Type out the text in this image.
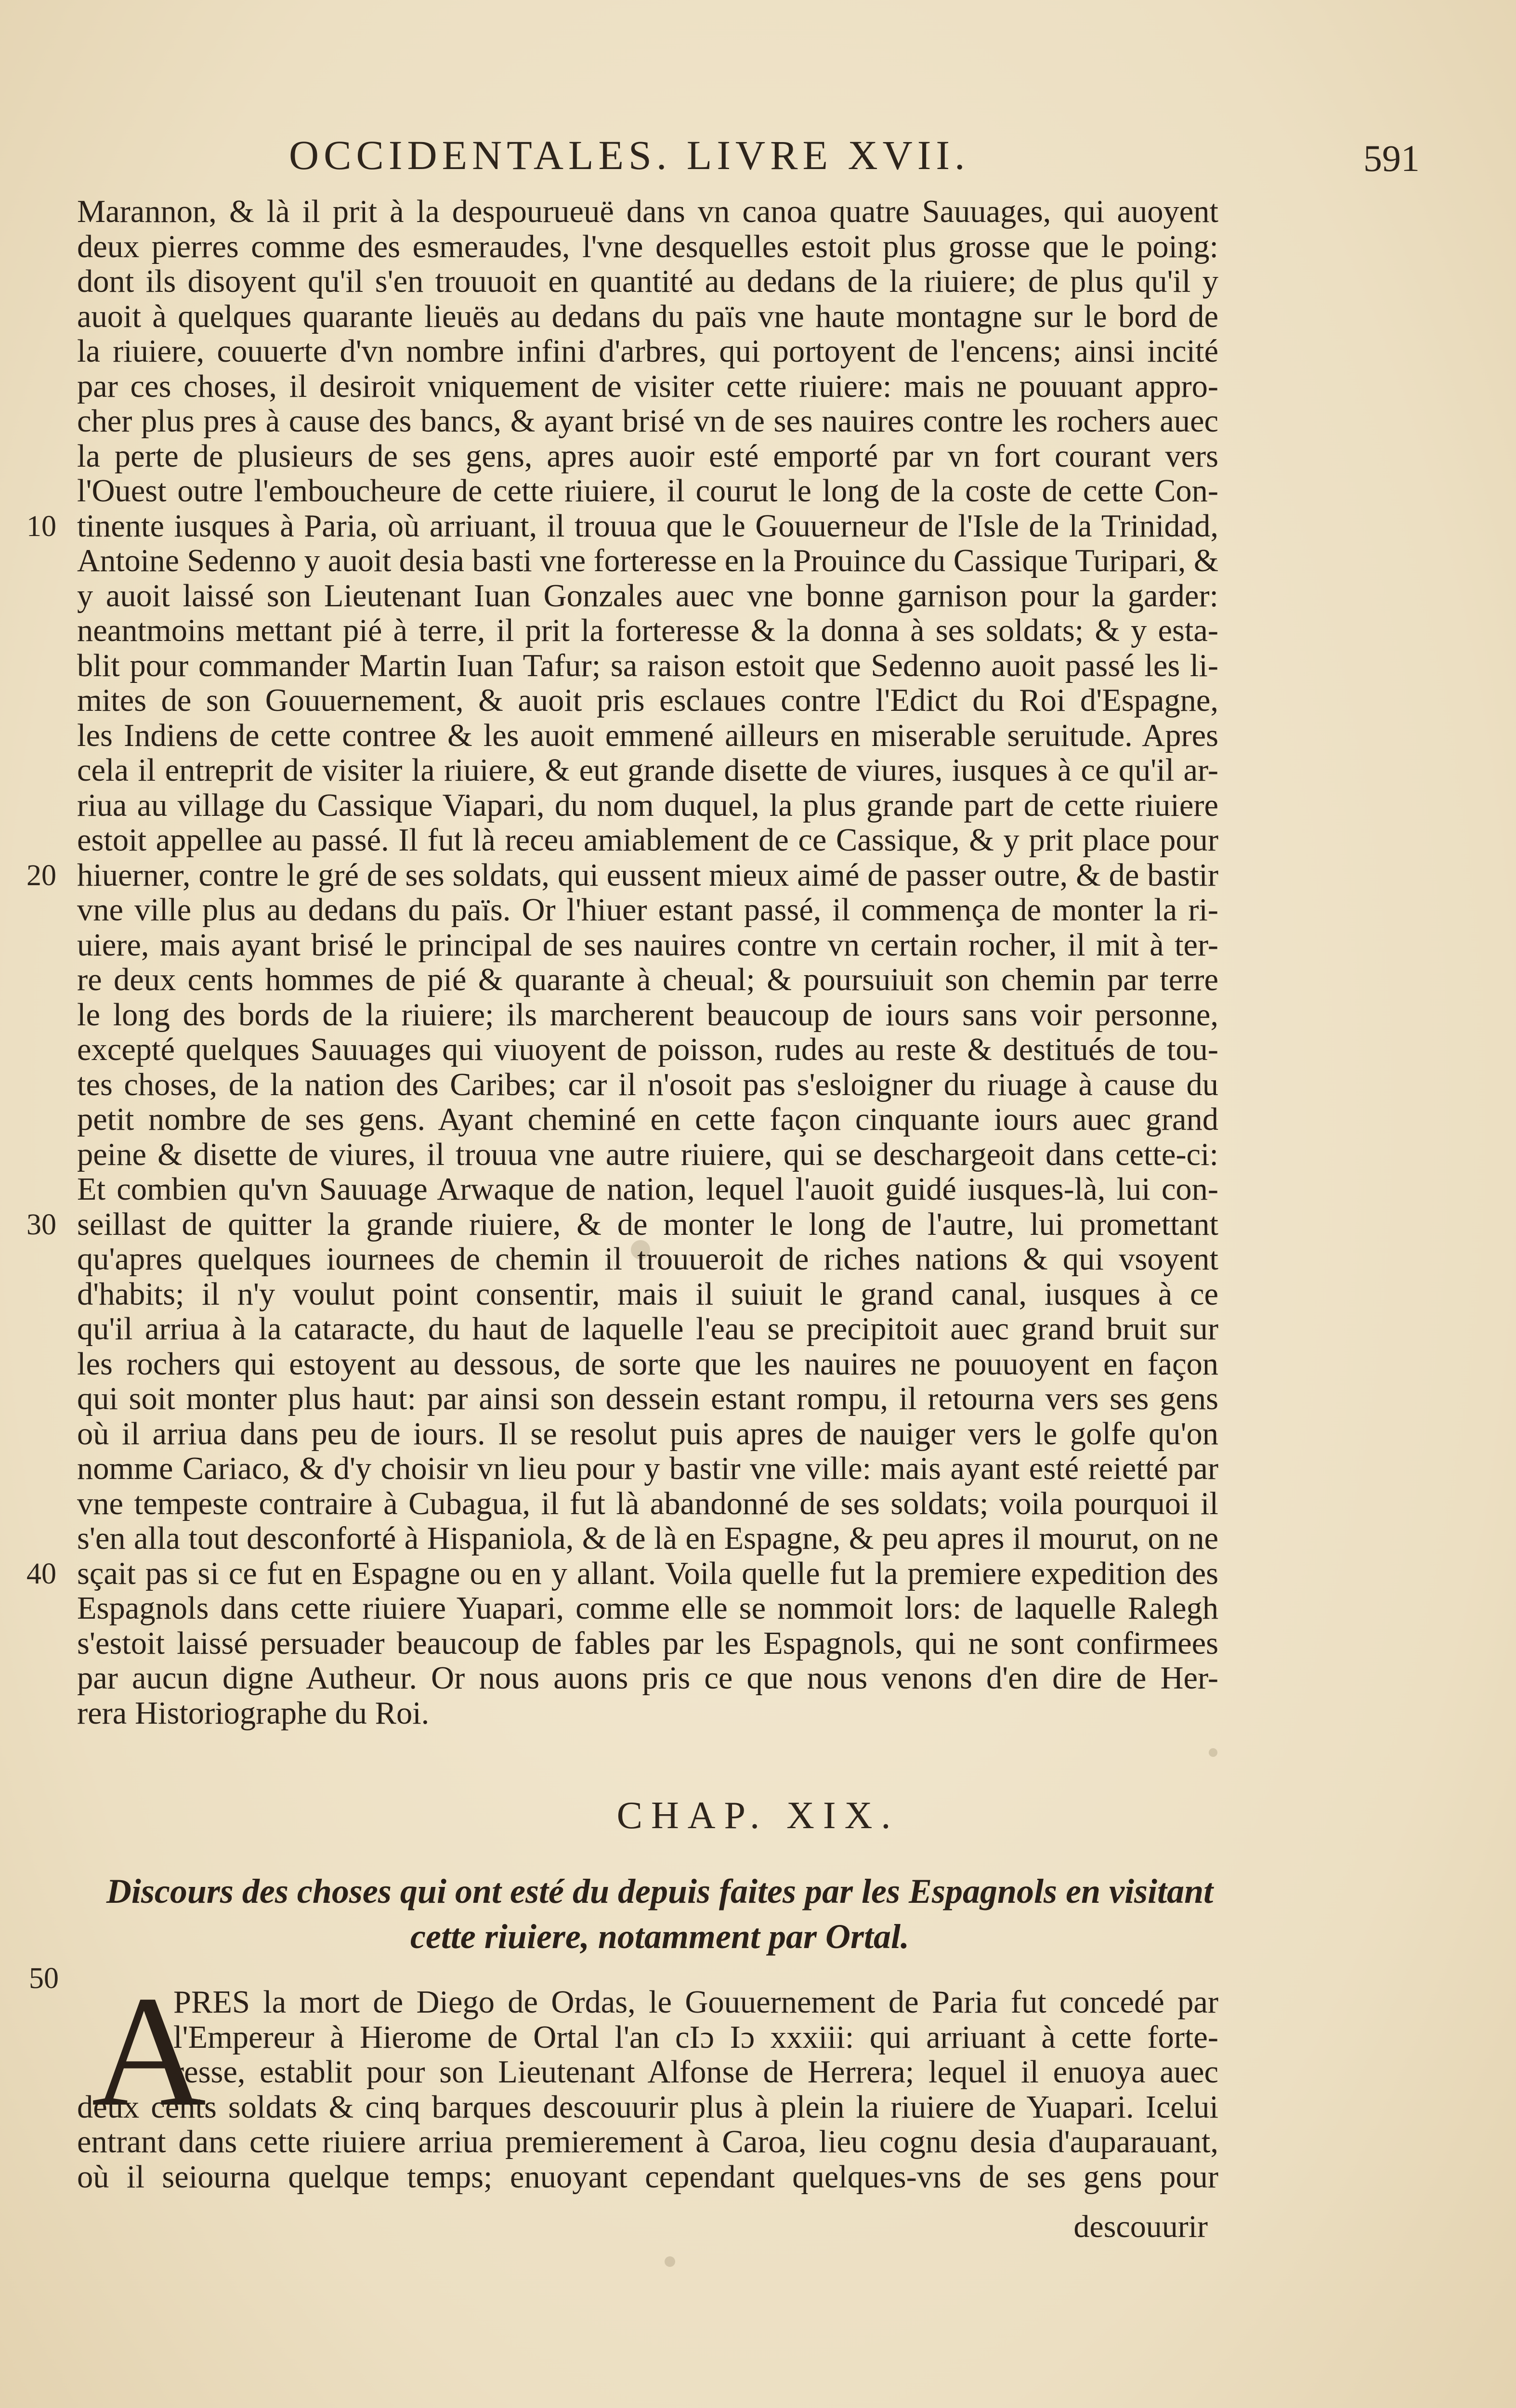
OCCIDENTALES. LIVRE XVII.	591
Marannon, & là il prit à la despourueuë dans vn canoa quatre Sauuages, qui auoyent
deux pierres comme des esmeraudes, l'vne desquelles estoit plus grosse que le poing:
dont ils disoyent qu'il s'en trouuoit en quantité au dedans de la riuiere; de plus qu'il y
auoit à quelques quarante lieuës au dedans du païs vne haute montagne sur le bord de
la riuiere, couuerte d'vn nombre infini d'arbres, qui portoyent de l'encens; ainsi incité
par ces choses, il desiroit vniquement de visiter cette riuiere: mais ne pouuant appro-
cher plus pres à cause des bancs, & ayant brisé vn de ses nauires contre les rochers auec
la perte de plusieurs de ses gens, apres auoir esté emporté par vn fort courant vers
l'Ouest outre l'embouchеure de cette riuiere, il courut le long de la coste de cette Con-
tinente iusques à Paria, où arriuant, il trouua que le Gouuerneur de l'Isle de la Trinidad,
10
Antoine Sedenno y auoit desia basti vne forteresse en la Prouince du Cassique Turipari, &
y auoit laissé son Lieutenant Iuan Gonzales auec vne bonne garnison pour la garder:
neantmoins mettant pié à terre, il prit la forteresse & la donna à ses soldats; & y esta-
blit pour commander Martin Iuan Tafur; sa raison estoit que Sedenno auoit passé les li-
mites de son Gouuernement, & auoit pris esclaues contre l'Edict du Roi d'Espagne,
les Indiens de cette contree & les auoit emmené ailleurs en miserable seruitude. Apres
cela il entreprit de visiter la riuiere, & eut grande disette de viures, iusques à ce qu'il ar-
riua au village du Cassique Viapari, du nom duquel, la plus grande part de cette riuiere
estoit appellee au passé. Il fut là receu amiablement de ce Cassique, & y prit place pour
hiuerner, contre le gré de ses soldats, qui eussent mieux aimé de passer outre, & de bastir
20
vne ville plus au dedans du païs. Or l'hiuer estant passé, il commença de monter la ri-
uiere, mais ayant brisé le principal de ses nauires contre vn certain rocher, il mit à ter-
re deux cents hommes de pié & quarante à cheual; & poursuiuit son chemin par terre
le long des bords de la riuiere; ils marcherent beaucoup de iours sans voir personne,
excepté quelques Sauuages qui viuoyent de poisson, rudes au reste & destitués de tou-
tes choses, de la nation des Caribes; car il n'osoit pas s'esloigner du riuage à cause du
petit nombre de ses gens. Ayant cheminé en cette façon cinquante iours auec grand
peine & disette de viures, il trouua vne autre riuiere, qui se deschargeoit dans cette-ci:
Et combien qu'vn Sauuage Arwaque de nation, lequel l'auoit guidé iusques-là, lui con-
seillast de quitter la grande riuiere, & de monter le long de l'autre, lui promettant
30
qu'apres quelques iournees de chemin il trouueroit de riches nations & qui vsoyent
d'habits; il n'y voulut point consentir, mais il suiuit le grand canal, iusques à ce
qu'il arriua à la cataracte, du haut de laquelle l'eau se precipitoit auec grand bruit sur
les rochers qui estoyent au dessous, de sorte que les nauires ne pouuoyent en façon
qui soit monter plus haut: par ainsi son dessein estant rompu, il retourna vers ses gens
où il arriua dans peu de iours. Il se resolut puis apres de nauiger vers le golfe qu'on
nomme Cariaco, & d'y choisir vn lieu pour y bastir vne ville: mais ayant esté reietté par
vne tempeste contraire à Cubagua, il fut là abandonné de ses soldats; voila pourquoi il
s'en alla tout desconforté à Hispaniola, & de là en Espagne, & peu apres il mourut, on ne
sçait pas si ce fut en Espagne ou en y allant. Voila quelle fut la premiere expedition des
40
Espagnols dans cette riuiere Yuapari, comme elle se nommoit lors: de laquelle Ralegh
s'estoit laissé persuader beaucoup de fables par les Espagnols, qui ne sont confirmees
par aucun digne Autheur. Or nous auons pris ce que nous venons d'en dire de Her-
rera Historiographe du Roi.
CHAP. XIX.
Discours des choses qui ont esté du depuis faites par les Espagnols en visitant
cette riuiere, notamment par Ortal.
50 A
PRES la mort de Diego de Ordas, le Gouuernement de Paria fut concedé par
l'Empereur à Hierome de Ortal l'an cIɔ Iɔ xxxiii: qui arriuant à cette forte-
resse, establit pour son Lieutenant Alfonse de Herrera; lequel il enuoya auec
deux cents soldats & cinq barques descouurir plus à plein la riuiere de Yuapari. Icelui
entrant dans cette riuiere arriua premierement à Caroa, lieu cognu desia d'auparauant,
où il seiourna quelque temps; enuoyant cependant quelques-vns de ses gens pour
descouurir
